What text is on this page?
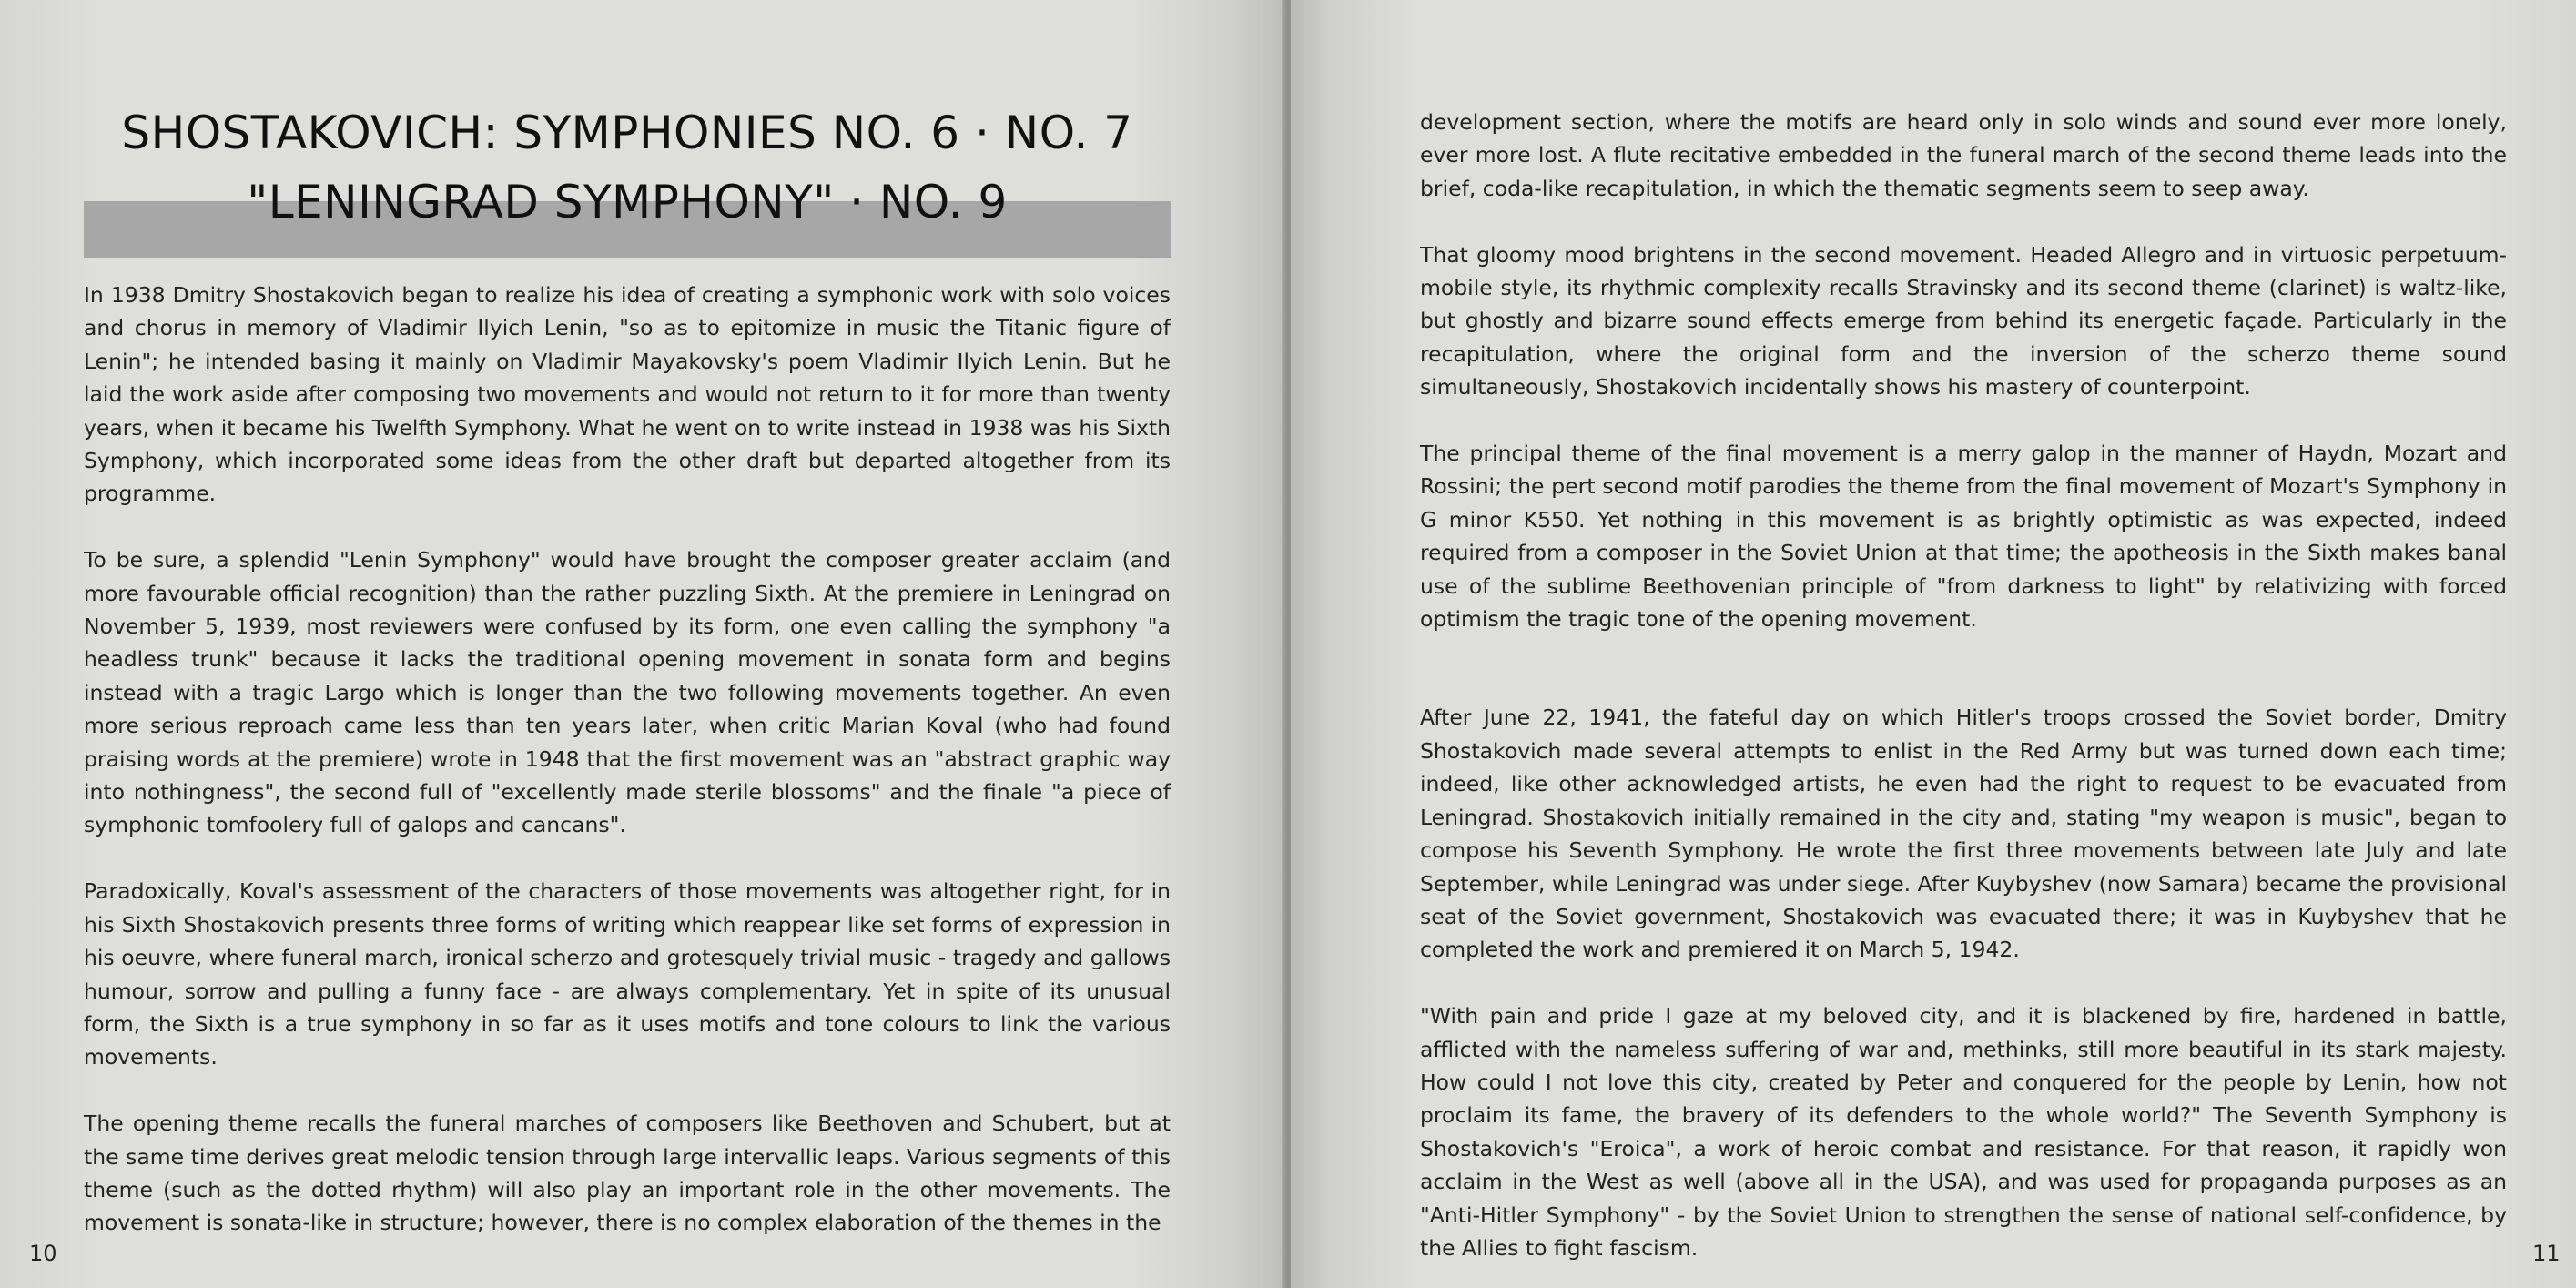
SHOSTAKOVICH: SYMPHONIES NO. 6 · NO. 7
"LENINGRAD SYMPHONY" · NO. 9

In 1938 Dmitry Shostakovich began to realize his idea of creating a symphonic work with solo voices and chorus in memory of Vladimir Ilyich Lenin, "so as to epitomize in music the Titanic figure of Lenin"; he intended basing it mainly on Vladimir Mayakovsky's poem Vladimir Ilyich Lenin. But he laid the work aside after composing two movements and would not return to it for more than twenty years, when it became his Twelfth Symphony. What he went on to write instead in 1938 was his Sixth Symphony, which incorporated some ideas from the other draft but departed altogether from its programme.

To be sure, a splendid "Lenin Symphony" would have brought the composer greater acclaim (and more favourable official recognition) than the rather puzzling Sixth. At the premiere in Leningrad on November 5, 1939, most reviewers were confused by its form, one even calling the symphony "a headless trunk" because it lacks the traditional opening movement in sonata form and begins instead with a tragic Largo which is longer than the two following movements together. An even more serious reproach came less than ten years later, when critic Marian Koval (who had found praising words at the premiere) wrote in 1948 that the first movement was an "abstract graphic way into nothingness", the second full of "excellently made sterile blossoms" and the finale "a piece of symphonic tomfoolery full of galops and cancans".

Paradoxically, Koval's assessment of the characters of those movements was altogether right, for in his Sixth Shostakovich presents three forms of writing which reappear like set forms of expression in his oeuvre, where funeral march, ironical scherzo and grotesquely trivial music - tragedy and gallows humour, sorrow and pulling a funny face - are always complementary. Yet in spite of its unusual form, the Sixth is a true symphony in so far as it uses motifs and tone colours to link the various movements.

The opening theme recalls the funeral marches of composers like Beethoven and Schubert, but at the same time derives great melodic tension through large intervallic leaps. Various segments of this theme (such as the dotted rhythm) will also play an important role in the other movements. The movement is sonata-like in structure; however, there is no complex elaboration of the themes in the

10

development section, where the motifs are heard only in solo winds and sound ever more lonely, ever more lost. A flute recitative embedded in the funeral march of the second theme leads into the brief, coda-like recapitulation, in which the thematic segments seem to seep away.

That gloomy mood brightens in the second movement. Headed Allegro and in virtuosic perpetuum-mobile style, its rhythmic complexity recalls Stravinsky and its second theme (clarinet) is waltz-like, but ghostly and bizarre sound effects emerge from behind its energetic façade. Particularly in the recapitulation, where the original form and the inversion of the scherzo theme sound simultaneously, Shostakovich incidentally shows his mastery of counterpoint.

The principal theme of the final movement is a merry galop in the manner of Haydn, Mozart and Rossini; the pert second motif parodies the theme from the final movement of Mozart's Symphony in G minor K550. Yet nothing in this movement is as brightly optimistic as was expected, indeed required from a composer in the Soviet Union at that time; the apotheosis in the Sixth makes banal use of the sublime Beethovenian principle of "from darkness to light" by relativizing with forced optimism the tragic tone of the opening movement.

After June 22, 1941, the fateful day on which Hitler's troops crossed the Soviet border, Dmitry Shostakovich made several attempts to enlist in the Red Army but was turned down each time; indeed, like other acknowledged artists, he even had the right to request to be evacuated from Leningrad. Shostakovich initially remained in the city and, stating "my weapon is music", began to compose his Seventh Symphony. He wrote the first three movements between late July and late September, while Leningrad was under siege. After Kuybyshev (now Samara) became the provisional seat of the Soviet government, Shostakovich was evacuated there; it was in Kuybyshev that he completed the work and premiered it on March 5, 1942.

"With pain and pride I gaze at my beloved city, and it is blackened by fire, hardened in battle, afflicted with the nameless suffering of war and, methinks, still more beautiful in its stark majesty. How could I not love this city, created by Peter and conquered for the people by Lenin, how not proclaim its fame, the bravery of its defenders to the whole world?" The Seventh Symphony is Shostakovich's "Eroica", a work of heroic combat and resistance. For that reason, it rapidly won acclaim in the West as well (above all in the USA), and was used for propaganda purposes as an "Anti-Hitler Symphony" - by the Soviet Union to strengthen the sense of national self-confidence, by the Allies to fight fascism.	11
